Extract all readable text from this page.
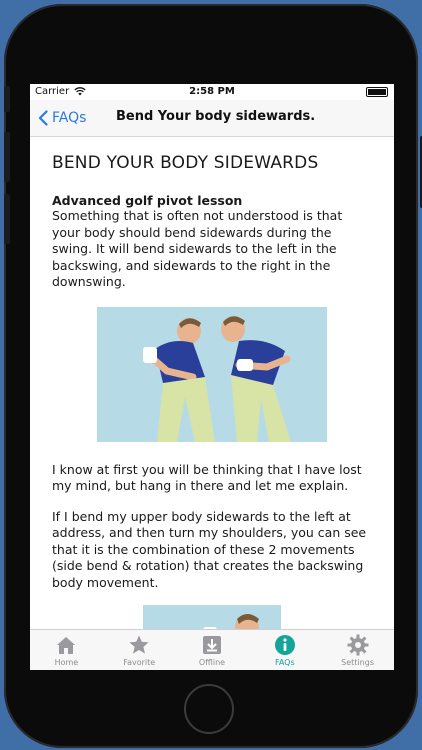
Carrier	2:58 PM
FAQs Bend Your body sidewards.
BEND YOUR BODY SIDEWARDS
Advanced golf pivot lesson

Something that is often not understood is that your body should bend sidewards during the swing. It will bend sidewards to the left in the backswing, and sidewards to the right in the downswing.

I know at first you will be thinking that I have lost my mind, but hang in there and let me explain.

If I bend my upper body sidewards to the left at address, and then turn my shoulders, you can see that it is the combination of these 2 movements (side bend & rotation) that creates the backswing body movement.

Home	Favorite	Offline	FAQs	Settings
